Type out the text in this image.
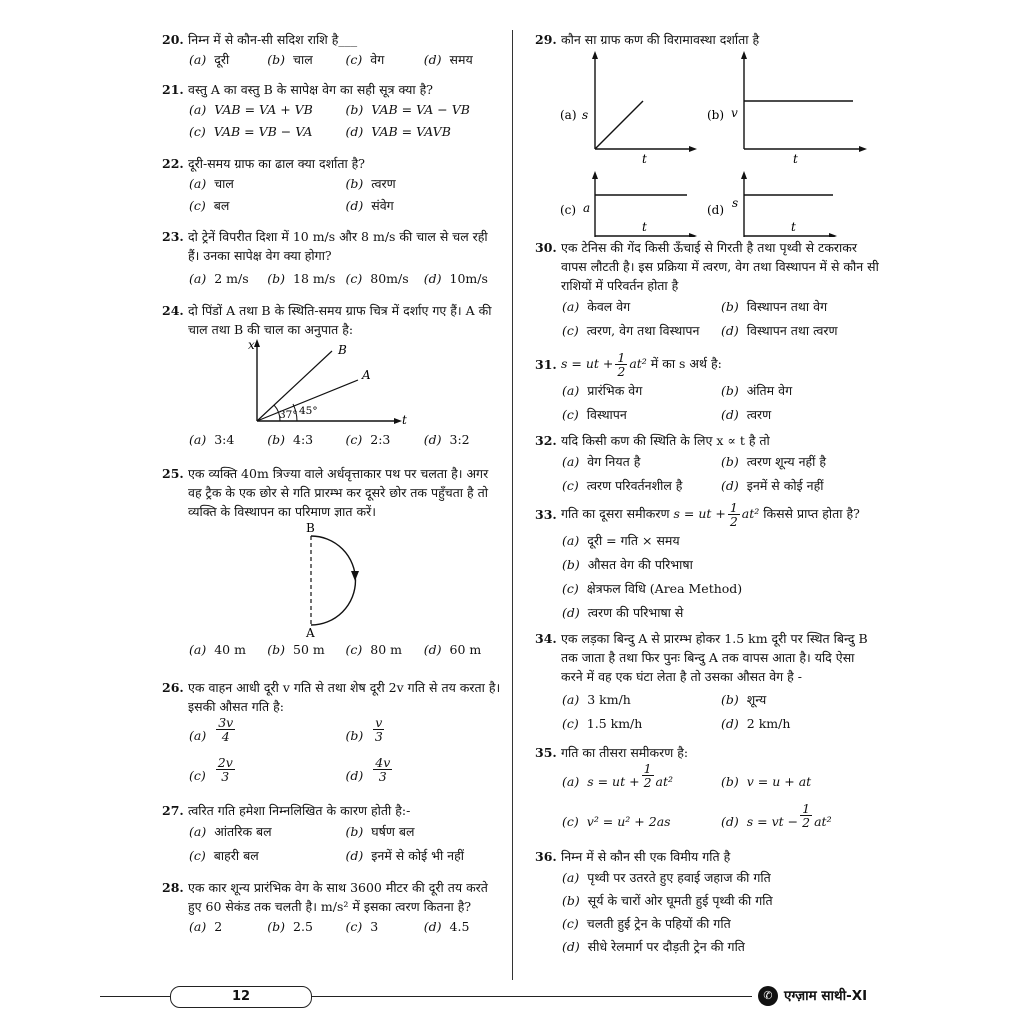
20. निम्न में से कौन-सी सदिश राशि है___
(a) दूरी	(b) चाल	(c) वेग	(d) समय
21. वस्तु A का वस्तु B के सापेक्ष वेग का सही सूत्र क्या है?
(a) VAB = VA + VB	(b) VAB = VA − VB
(c) VAB = VB − VA	(d) VAB = VAVB
22. दूरी-समय ग्राफ का ढाल क्या दर्शाता है?
(a) चाल	(b) त्वरण
(c) बल	(d) संवेग
23. दो ट्रेनें विपरीत दिशा में 10 m/s और 8 m/s की चाल से चल रही हैं। उनका सापेक्ष वेग क्या होगा?
(a) 2 m/s (b) 18 m/s (c) 80m/s (d) 10m/s
24. दो पिंडों A तथा B के स्थिति-समय ग्राफ चित्र में दर्शाए गए हैं। A की चाल तथा B की चाल का अनुपात है:
x
t
B
A
37° 45°
(a) 3:4	(b) 4:3	(c) 2:3	(d) 3:2
25. एक व्यक्ति 40m त्रिज्या वाले अर्धवृत्ताकार पथ पर चलता है। अगर वह ट्रैक के एक छोर से गति प्रारम्भ कर दूसरे छोर तक पहुँचता है तो व्यक्ति के विस्थापन का परिमाण ज्ञात करें।
B
A
(a) 40 m (b) 50 m (c) 80 m (d) 60 m
26. एक वाहन आधी दूरी v गति से तथा शेष दूरी 2v गति से तय करता है। इसकी औसत गति है:
$(a) \frac{3v}{4}$	$(b) \frac{v}{3}$
$(c) \frac{2v}{3}$	$(d) \frac{4v}{3}$
27. त्वरित गति हमेशा निम्नलिखित के कारण होती है:-
(a) आंतरिक बल	(b) घर्षण बल
(c) बाहरी बल	(d) इनमें से कोई भी नहीं
28. एक कार शून्य प्रारंभिक वेग के साथ 3600 मीटर की दूरी तय करते हुए 60 सेकंड तक चलती है। m/s² में इसका त्वरण कितना है?
(a) 2	(b) 2.5	(c) 3	(d) 4.5
29. कौन सा ग्राफ कण की विरामावस्था दर्शाता है
(a) s
t
(b) v
t
(c) a	(d) s
t	t
30. एक टेनिस की गेंद किसी ऊँचाई से गिरती है तथा पृथ्वी से टकराकर वापस लौटती है। इस प्रक्रिया में त्वरण, वेग तथा विस्थापन में से कौन सी राशियों में परिवर्तन होता है
(a) केवल वेग	(b) विस्थापन तथा वेग
(c) त्वरण, वेग तथा विस्थापन (d) विस्थापन तथा त्वरण
31. s = ut + $\frac{1}{2} at^2$ में का s अर्थ है:
(a) प्रारंभिक वेग	(b) अंतिम वेग
(c) विस्थापन	(d) त्वरण
32. यदि किसी कण की स्थिति के लिए x ∝ t है तो
(a) वेग नियत है	(b) त्वरण शून्य नहीं है
(c) त्वरण परिवर्तनशील है	(d) इनमें से कोई नहीं
33. गति का दूसरा समीकरण s = ut + $\frac{1}{2} at^2$ किससे प्राप्त होता है?
(a) दूरी = गति × समय
(b) औसत वेग की परिभाषा
(c) क्षेत्रफल विधि (Area Method)
(d) त्वरण की परिभाषा से
34. एक लड़का बिन्दु A से प्रारम्भ होकर 1.5 km दूरी पर स्थित बिन्दु B तक जाता है तथा फिर पुनः बिन्दु A तक वापस आता है। यदि ऐसा करने में वह एक घंटा लेता है तो उसका औसत वेग है -
(a) 3 km/h	(b) शून्य
(c) 1.5 km/h	(d) 2 km/h
35. गति का तीसरा समीकरण है:
(a) s = ut + $\frac{1}{2} at^2$	(b) v = u + at
(c) v² = u² + 2as	(d) s = vt − $\frac{1}{2} at^2$
36. निम्न में से कौन सी एक विमीय गति है
(a) पृथ्वी पर उतरते हुए हवाई जहाज की गति
(b) सूर्य के चारों ओर घूमती हुई पृथ्वी की गति
(c) चलती हुई ट्रेन के पहियों की गति
(d) सीधे रेलमार्ग पर दौड़ती ट्रेन की गति
12	✆ एग्ज़ाम साथी-XI
